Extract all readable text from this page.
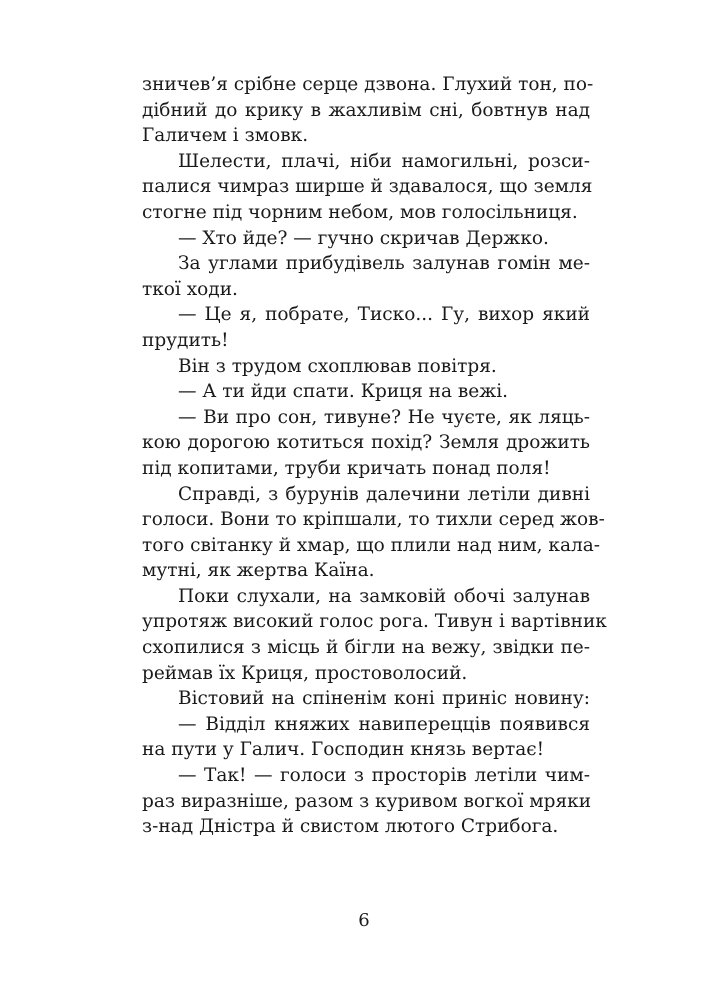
зничев’я срібне серце дзвона. Глухий тон, по-
дібний до крику в жахливім сні, бовтнув над
Галичем і змовк.
Шелести, плачі, ніби намогильні, розси-
палися чимраз ширше й здавалося, що земля
стогне під чорним небом, мов голосільниця.
— Хто йде? — гучно скричав Держко.
За углами прибудівель залунав гомін ме-
ткої ходи.
— Це я, побрате, Тиско... Гу, вихор який
прудить!
Він з трудом схоплював повітря.
— А ти йди спати. Криця на вежі.
— Ви про сон, тивуне? Не чуєте, як ляць-
кою дорогою котиться похід? Земля дрожить
під копитами, труби кричать понад поля!
Справді, з бурунів далечини летіли дивні
голоси. Вони то кріпшали, то тихли серед жов-
того світанку й хмар, що плили над ним, кала-
мутні, як жертва Каїна.
Поки слухали, на замковій обочі залунав
упротяж високий голос рога. Тивун і вартівник
схопилися з місць й бігли на вежу, звідки пе-
реймав їх Криця, простоволосий.
Вістовий на спіненім коні приніс новину:
— Відділ княжих навиперецців появився
на пути у Галич. Господин князь вертає!
— Так! — голоси з просторів летіли чим-
раз виразніше, разом з куривом вогкої мряки
з-над Дністра й свистом лютого Стрибога.
6
